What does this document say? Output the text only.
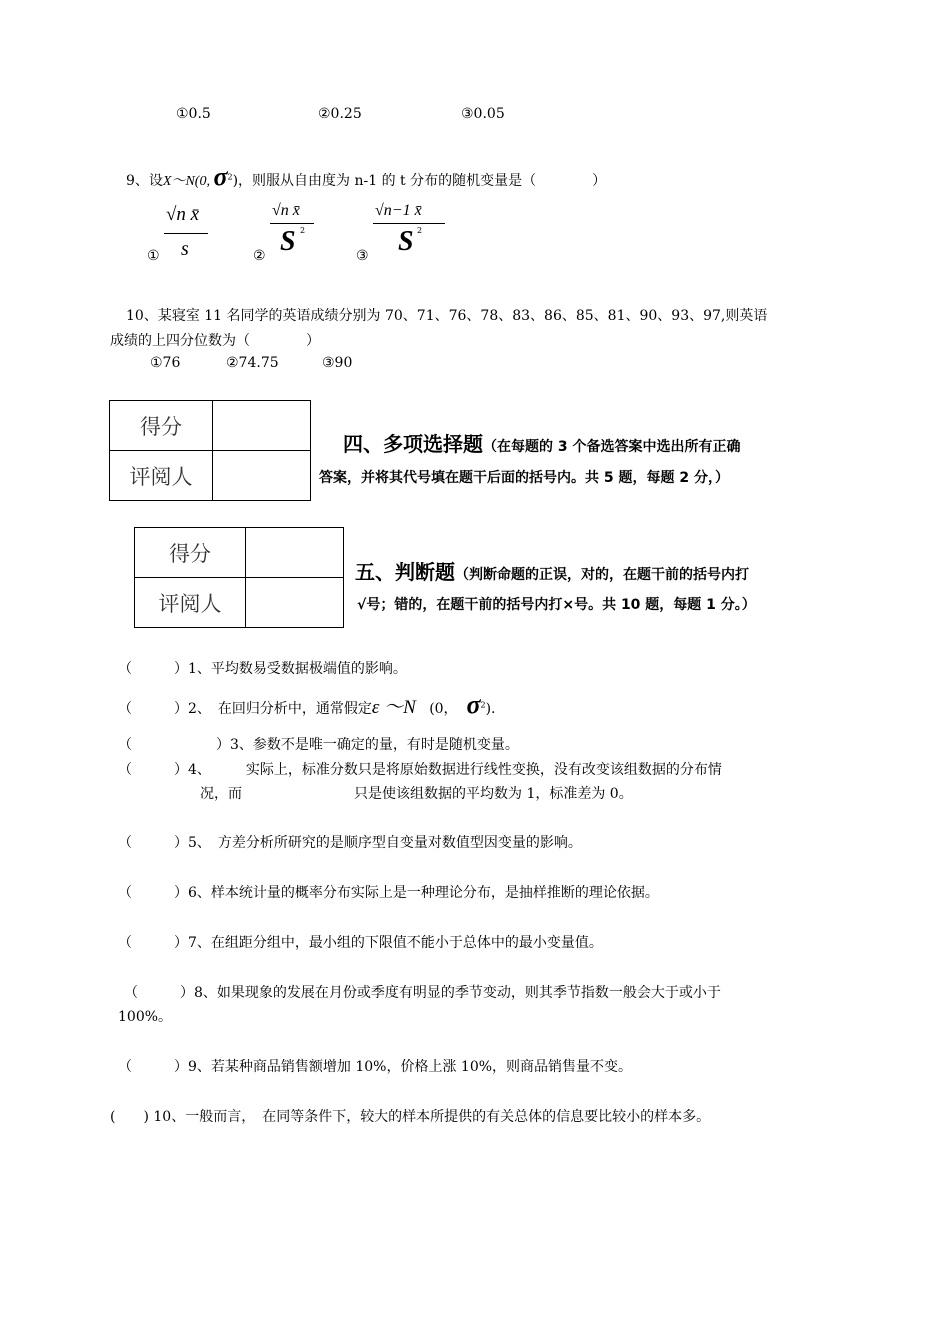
①0.5	②0.25	③0.05
9、设X～N(0, $\sigma^2$)，则服从自由度为 n-1 的 t 分布的随机变量是（　　　　）
√n x̄
s
①
√n x̄
S 2
②
√n−1 x̄
S 2
③
10、某寝室 11 名同学的英语成绩分别为 70、71、76、78、83、86、85、81、90、93、97,则英语
成绩的上四分位数为（　　　　）
①76	②74.75	③90
得分	
评阅人	
四、多项选择题（在每题的 3 个备选答案中选出所有正确
答案，并将其代号填在题干后面的括号内。共 5 题，每题 2 分，）
得分	
评阅人	
五、判断题（判断命题的正误，对的，在题干前的括号内打
√号；错的，在题干前的括号内打×号。共 10 题，每题 1 分。）
（　　　）1、平均数易受数据极端值的影响。
（　　　）2、　在回归分析中，通常假定ε ～N (0， $\sigma^2$).
（　　　　　　）3、参数不是唯一确定的量，有时是随机变量。
（　　　）4、　　　实际上，标准分数只是将原始数据进行线性变换，没有改变该组数据的分布情
况，而　　　　　　　　只是使该组数据的平均数为 1，标准差为 0。
（　　　）5、　方差分析所研究的是顺序型自变量对数值型因变量的影响。
（　　　）6、样本统计量的概率分布实际上是一种理论分布，是抽样推断的理论依据。
（　　　）7、在组距分组中，最小组的下限值不能小于总体中的最小变量值。
（　　　）8、如果现象的发展在月份或季度有明显的季节变动，则其季节指数一般会大于或小于
100%。
（　　　）9、若某种商品销售额增加 10%，价格上涨 10%，则商品销售量不变。
(　　) 10、一般而言，　在同等条件下，较大的样本所提供的有关总体的信息要比较小的样本多。
